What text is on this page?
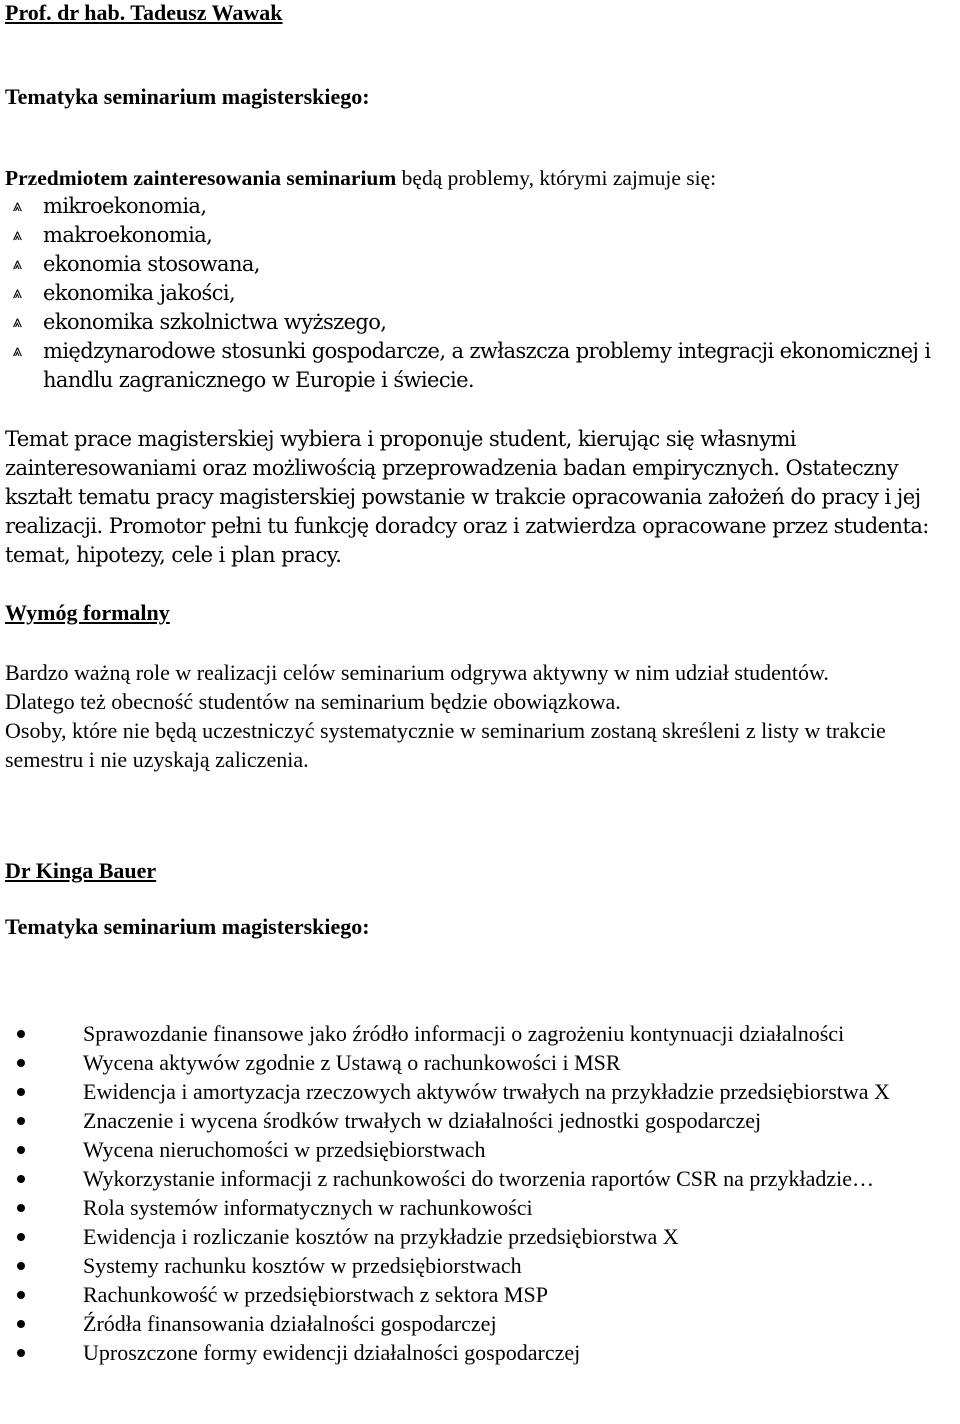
Prof. dr hab. Tadeusz Wawak
Tematyka seminarium magisterskiego:
Przedmiotem zainteresowania seminarium będą problemy, którymi zajmuje się:
⩓	mikroekonomia,
⩓	makroekonomia,
⩓	ekonomia stosowana,
⩓	ekonomika jakości,
⩓	ekonomika szkolnictwa wyższego,
⩓	międzynarodowe stosunki gospodarcze, a zwłaszcza problemy integracji ekonomicznej i handlu zagranicznego w Europie i świecie.
Temat prace magisterskiej wybiera i proponuje student, kierując się własnymi zainteresowaniami oraz możliwością przeprowadzenia badan empirycznych. Ostateczny kształt tematu pracy magisterskiej powstanie w trakcie opracowania założeń do pracy i jej realizacji. Promotor pełni tu funkcję doradcy oraz i zatwierdza opracowane przez studenta: temat, hipotezy, cele i plan pracy.
Wymóg formalny
Bardzo ważną role w realizacji celów seminarium odgrywa aktywny w nim udział studentów.
Dlatego też obecność studentów na seminarium będzie obowiązkowa.
Osoby, które nie będą uczestniczyć systematycznie w seminarium zostaną skreśleni z listy w trakcie semestru i nie uzyskają zaliczenia.
Dr Kinga Bauer
Tematyka seminarium magisterskiego:
Sprawozdanie finansowe jako źródło informacji o zagrożeniu kontynuacji działalności
Wycena aktywów zgodnie z Ustawą o rachunkowości i MSR
Ewidencja i amortyzacja rzeczowych aktywów trwałych na przykładzie przedsiębiorstwa X
Znaczenie i wycena środków trwałych w działalności jednostki gospodarczej
Wycena nieruchomości w przedsiębiorstwach
Wykorzystanie informacji z rachunkowości do tworzenia raportów CSR na przykładzie…
Rola systemów informatycznych w rachunkowości
Ewidencja i rozliczanie kosztów na przykładzie przedsiębiorstwa X
Systemy rachunku kosztów w przedsiębiorstwach
Rachunkowość w przedsiębiorstwach z sektora MSP
Źródła finansowania działalności gospodarczej
Uproszczone formy ewidencji działalności gospodarczej
